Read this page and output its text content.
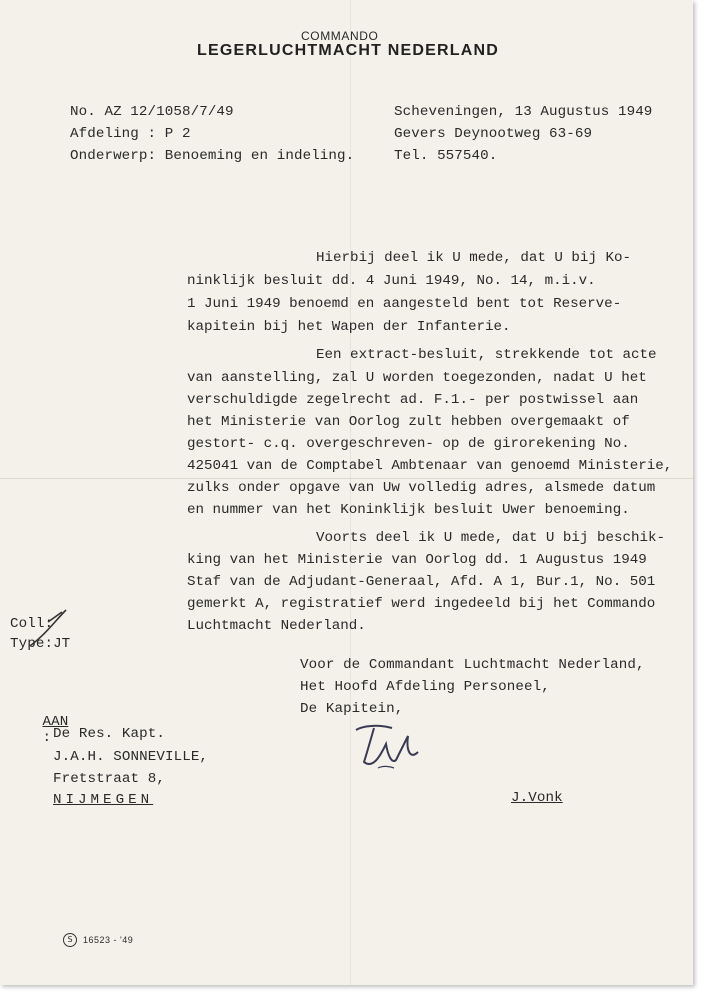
COMMANDO
LEGERLUCHTMACHT NEDERLAND
No. AZ 12/1058/7/49
Afdeling : P 2
Onderwerp: Benoeming en indeling.
Scheveningen, 13 Augustus 1949
Gevers Deynootweg 63-69
Tel. 557540.
Hierbij deel ik U mede, dat U bij Ko-
ninklijk besluit dd. 4 Juni 1949, No. 14, m.i.v.
1 Juni 1949 benoemd en aangesteld bent tot Reserve-
kapitein bij het Wapen der Infanterie.
Een extract-besluit, strekkende tot acte
van aanstelling, zal U worden toegezonden, nadat U het
verschuldigde zegelrecht ad. F.1.- per postwissel aan
het Ministerie van Oorlog zult hebben overgemaakt of
gestort- c.q. overgeschreven- op de girorekening No.
425041 van de Comptabel Ambtenaar van genoemd Ministerie,
zulks onder opgave van Uw volledig adres, alsmede datum
en nummer van het Koninklijk besluit Uwer benoeming.
Voorts deel ik U mede, dat U bij beschik-
king van het Ministerie van Oorlog dd. 1 Augustus 1949
Staf van de Adjudant-Generaal, Afd. A 1, Bur.1, No. 501
gemerkt A, registratief werd ingedeeld bij het Commando
Luchtmacht Nederland.
Coll:
Type:JT
Voor de Commandant Luchtmacht Nederland,
Het Hoofd Afdeling Personeel,
De Kapitein,

AAN
:
De Res. Kapt.
J.A.H. SONNEVILLE,
Fretstraat 8,
NIJMEGEN	J.Vonk
S	16523 - '49
